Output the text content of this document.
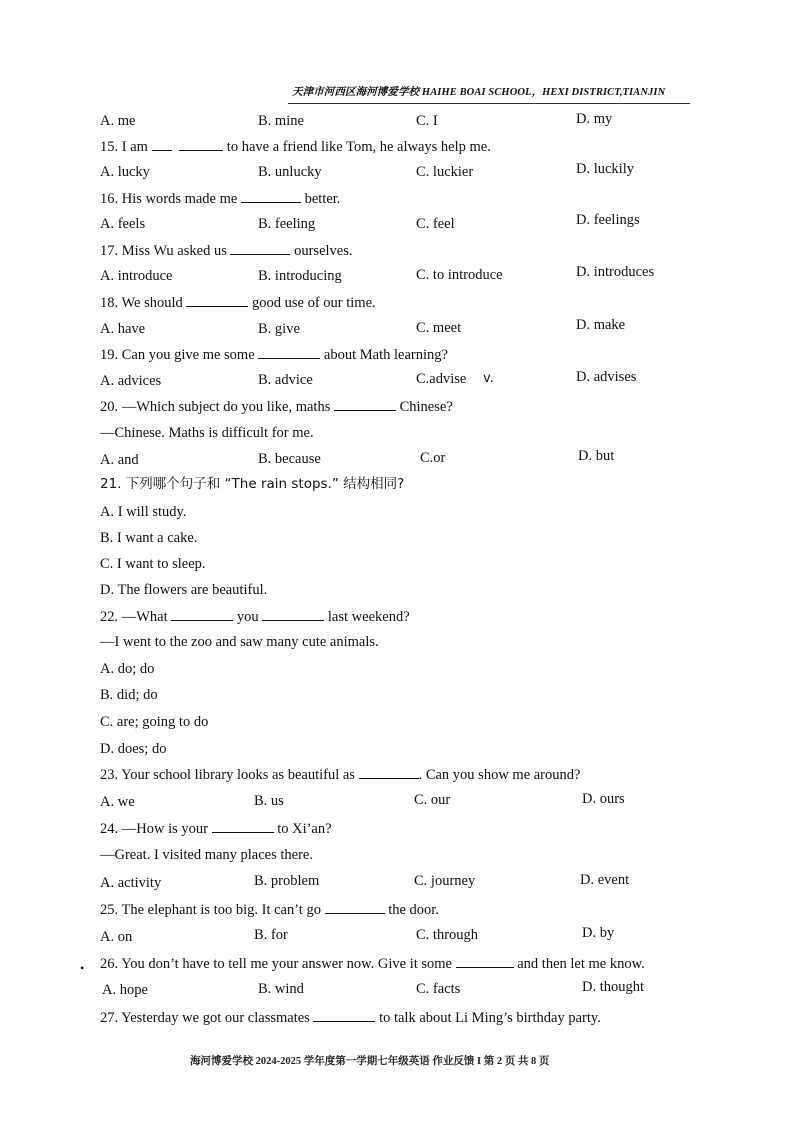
天津市河西区海河博爱学校 HAIHE BOAI SCHOOL，HEXI DISTRICT,TIANJIN
A. me	B. mine	C. I	D. my
15. I am	to have a friend like Tom, he always help me.
A. lucky	B. unlucky	C. luckier	D. luckily
16. His words made me	better.
A. feels	B. feeling	C. feel	D. feelings
17. Miss Wu asked us	ourselves.
A. introduce	B. introducing	C. to introduce	D. introduces
18. We should	good use of our time.
A. have	B. give	C. meet	D. make
19. Can you give me some	about Math learning?
A. advices	B. advice	C.advise v.	D. advises
20. —Which subject do you like, maths	Chinese?
—Chinese. Maths is difficult for me.
A. and	B. because	C.or	D. but
21. 下列哪个句子和 “The rain stops.” 结构相同?
A. I will study.
B. I want a cake.
C. I want to sleep.
D. The flowers are beautiful.
22. —What	you	last weekend?
—I went to the zoo and saw many cute animals.
A. do; do
B. did; do
C. are; going to do
D. does; do
23. Your school library looks as beautiful as	. Can you show me around?
A. we	B. us	C. our	D. ours
24. —How is your	to Xi’an?
—Great. I visited many places there.
A. activity	B. problem	C. journey	D. event
25. The elephant is too big. It can’t go	the door.
A. on	B. for	C. through	D. by
• 26. You don’t have to tell me your answer now. Give it some	and then let me know.
A. hope	B. wind	C. facts	D. thought
27. Yesterday we got our classmates	to talk about Li Ming’s birthday party.
海河博爱学校 2024-2025 学年度第一学期七年级英语 作业反馈 I 第 2 页 共 8 页
